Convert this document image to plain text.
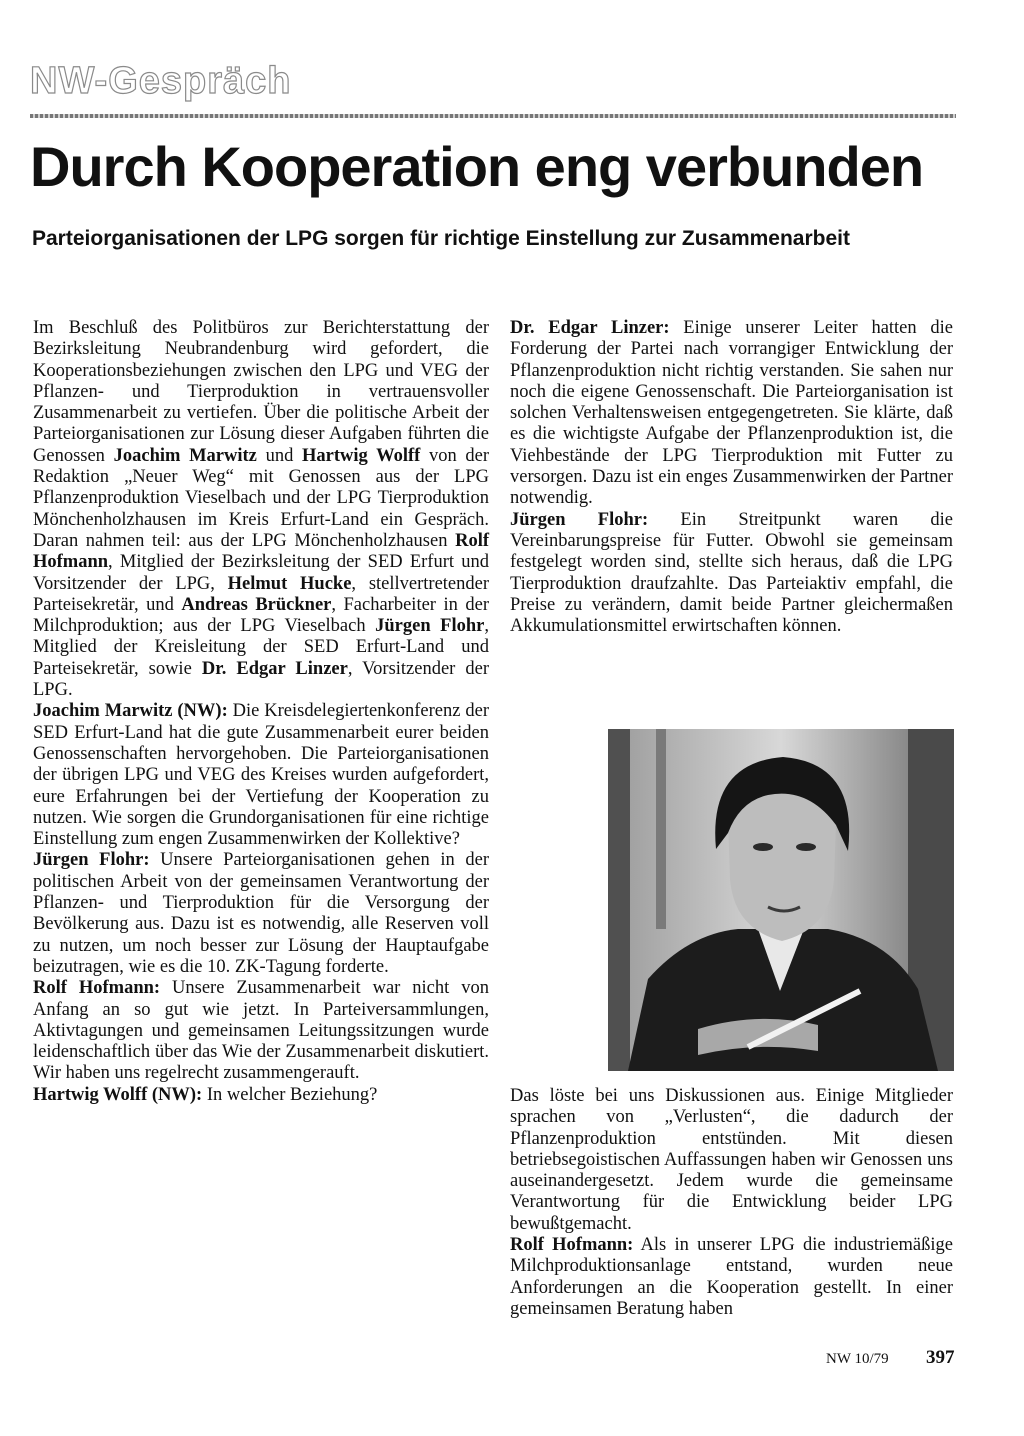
NW-Gespräch
Durch Kooperation eng verbunden
Parteiorganisationen der LPG sorgen für richtige Einstellung zur Zusammenarbeit

Im Beschluß des Politbüros zur Berichterstattung der Bezirksleitung Neubrandenburg wird gefordert, die Kooperationsbeziehungen zwischen den LPG und VEG der Pflanzen- und Tierproduktion in vertrauensvoller Zusammenarbeit zu vertiefen. Über die politische Arbeit der Parteiorganisationen zur Lösung dieser Aufgaben führten die Genossen Joachim Marwitz und Hartwig Wolff von der Redaktion „Neuer Weg“ mit Genossen aus der LPG Pflanzenproduktion Vieselbach und der LPG Tierproduktion Mönchenholzhausen im Kreis Erfurt-Land ein Gespräch. Daran nahmen teil: aus der LPG Mönchenholzhausen Rolf Hofmann, Mitglied der Bezirksleitung der SED Erfurt und Vorsitzender der LPG, Helmut Hucke, stellvertretender Parteisekretär, und Andreas Brückner, Facharbeiter in der Milchproduktion; aus der LPG Vieselbach Jürgen Flohr, Mitglied der Kreisleitung der SED Erfurt-Land und Parteisekretär, sowie Dr. Edgar Linzer, Vorsitzender der LPG.

Joachim Marwitz (NW): Die Kreisdelegiertenkonferenz der SED Erfurt-Land hat die gute Zusammenarbeit eurer beiden Genossenschaften hervorgehoben. Die Parteiorganisationen der übrigen LPG und VEG des Kreises wurden aufgefordert, eure Erfahrungen bei der Vertiefung der Kooperation zu nutzen. Wie sorgen die Grundorganisationen für eine richtige Einstellung zum engen Zusammenwirken der Kollektive?

Jürgen Flohr: Unsere Parteiorganisationen gehen in der politischen Arbeit von der gemeinsamen Verantwortung der Pflanzen- und Tierproduktion für die Versorgung der Bevölkerung aus. Dazu ist es notwendig, alle Reserven voll zu nutzen, um noch besser zur Lösung der Hauptaufgabe beizutragen, wie es die 10. ZK-Tagung forderte.

Rolf Hofmann: Unsere Zusammenarbeit war nicht von Anfang an so gut wie jetzt. In Parteiversammlungen, Aktivtagungen und gemeinsamen Leitungssitzungen wurde leidenschaftlich über das Wie der Zusammenarbeit diskutiert. Wir haben uns regelrecht zusammengerauft.

Hartwig Wolff (NW): In welcher Beziehung?

Dr. Edgar Linzer: Einige unserer Leiter hatten die Forderung der Partei nach vorrangiger Entwicklung der Pflanzenproduktion nicht richtig verstanden. Sie sahen nur noch die eigene Genossenschaft. Die Parteiorganisation ist solchen Verhaltensweisen entgegengetreten. Sie klärte, daß es die wichtigste Aufgabe der Pflanzenproduktion ist, die Viehbestände der LPG Tierproduktion mit Futter zu versorgen. Dazu ist ein enges Zusammenwirken der Partner notwendig.

Jürgen Flohr: Ein Streitpunkt waren die Vereinbarungspreise für Futter. Obwohl sie gemeinsam festgelegt worden sind, stellte sich heraus, daß die LPG Tierproduktion draufzahlte. Das Parteiaktiv empfahl, die Preise zu verändern, damit beide Partner gleichermaßen Akkumulationsmittel erwirtschaften können.

Das löste bei uns Diskussionen aus. Einige Mitglieder sprachen von „Verlusten“, die dadurch der Pflanzenproduktion entstünden. Mit diesen betriebsegoistischen Auffassungen haben wir Genossen uns auseinandergesetzt. Jedem wurde die gemeinsame Verantwortung für die Entwicklung beider LPG bewußtgemacht.

Rolf Hofmann: Als in unserer LPG die industriemäßige Milchproduktionsanlage entstand, wurden neue Anforderungen an die Kooperation gestellt. In einer gemeinsamen Beratung haben

NW 10/79 397
